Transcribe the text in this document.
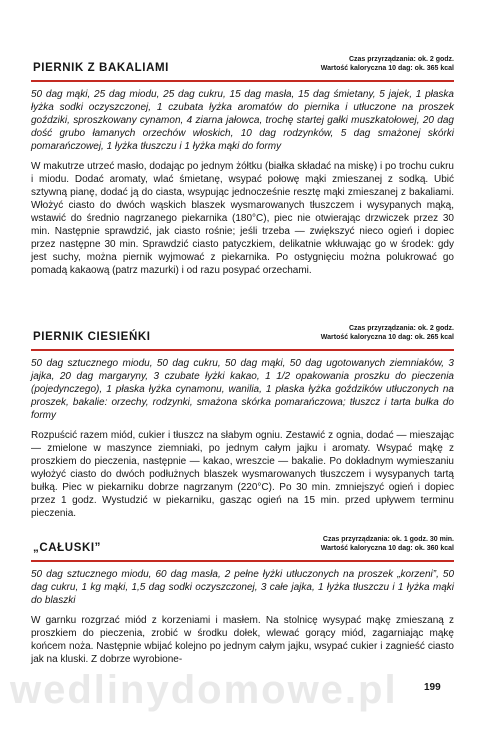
PIERNIK Z BAKALIAMI
Czas przyrządzania: ok. 2 godz.
Wartość kaloryczna 10 dag: ok. 365 kcal

50 dag mąki, 25 dag miodu, 25 dag cukru, 15 dag masła, 15 dag śmietany, 5 jajek, 1 płaska łyżka sodki oczyszczonej, 1 czubata łyżka aromatów do piernika i utłuczone na proszek goździki, sproszkowany cynamon, 4 ziarna jałowca, trochę startej gałki muszkatołowej, 20 dag dość grubo łamanych orzechów włoskich, 10 dag rodzynków, 5 dag smażonej skórki pomarańczowej, 1 łyżka tłuszczu i 1 łyżka mąki do formy

W makutrze utrzeć masło, dodając po jednym żółtku (białka składać na miskę) i po trochu cukru i miodu. Dodać aromaty, wlać śmietanę, wsypać połowę mąki zmieszanej z sodką. Ubić sztywną pianę, dodać ją do ciasta, wsypując jednocześnie resztę mąki zmieszanej z bakaliami. Włożyć ciasto do dwóch wąskich blaszek wysmarowanych tłuszczem i wysypanych mąką, wstawić do średnio nagrzanego piekarnika (180°C), piec nie otwierając drzwiczek przez 30 min. Następnie sprawdzić, jak ciasto rośnie; jeśli trzeba — zwiększyć nieco ogień i dopiec przez następne 30 min. Sprawdzić ciasto patyczkiem, delikatnie wkłuwając go w środek: gdy jest suchy, można piernik wyjmować z piekarnika. Po ostygnięciu można polukrować go pomadą kakaową (patrz mazurki) i od razu posypać orzechami.

PIERNIK CIESIEŃKI
Czas przyrządzania: ok. 2 godz.
Wartość kaloryczna 10 dag: ok. 265 kcal

50 dag sztucznego miodu, 50 dag cukru, 50 dag mąki, 50 dag ugotowanych ziemniaków, 3 jajka, 20 dag margaryny, 3 czubate łyżki kakao, 1 1/2 opakowania proszku do pieczenia (pojedynczego), 1 płaska łyżka cynamonu, wanilia, 1 płaska łyżka goździków utłuczonych na proszek, bakalie: orzechy, rodzynki, smażona skórka pomarańczowa; tłuszcz i tarta bułka do formy

Rozpuścić razem miód, cukier i tłuszcz na słabym ogniu. Zestawić z ognia, dodać — mieszając — zmielone w maszynce ziemniaki, po jednym całym jajku i aromaty. Wsypać mąkę z proszkiem do pieczenia, następnie — kakao, wreszcie — bakalie. Po dokładnym wymieszaniu wyłożyć ciasto do dwóch podłużnych blaszek wysmarowanych tłuszczem i wysypanych tartą bułką. Piec w piekarniku dobrze nagrzanym (220°C). Po 30 min. zmniejszyć ogień i dopiec przez 1 godz. Wystudzić w piekarniku, gasząc ogień na 15 min. przed upływem terminu pieczenia.

„CAŁUSKI”
Czas przyrządzania: ok. 1 godz. 30 min.
Wartość kaloryczna 10 dag: ok. 360 kcal

50 dag sztucznego miodu, 60 dag masła, 2 pełne łyżki utłuczonych na proszek „korzeni”, 50 dag cukru, 1 kg mąki, 1,5 dag sodki oczyszczonej, 3 całe jajka, 1 łyżka tłuszczu i 1 łyżka mąki do blaszki

W garnku rozgrzać miód z korzeniami i masłem. Na stolnicę wysypać mąkę zmieszaną z proszkiem do pieczenia, zrobić w środku dołek, wlewać gorący miód, zagarniając mąkę końcem noża. Następnie wbijać kolejno po jednym całym jajku, wsypać cukier i zagnieść ciasto jak na kluski. Z dobrze wyrobione-

wedlinydomowe.pl	199
